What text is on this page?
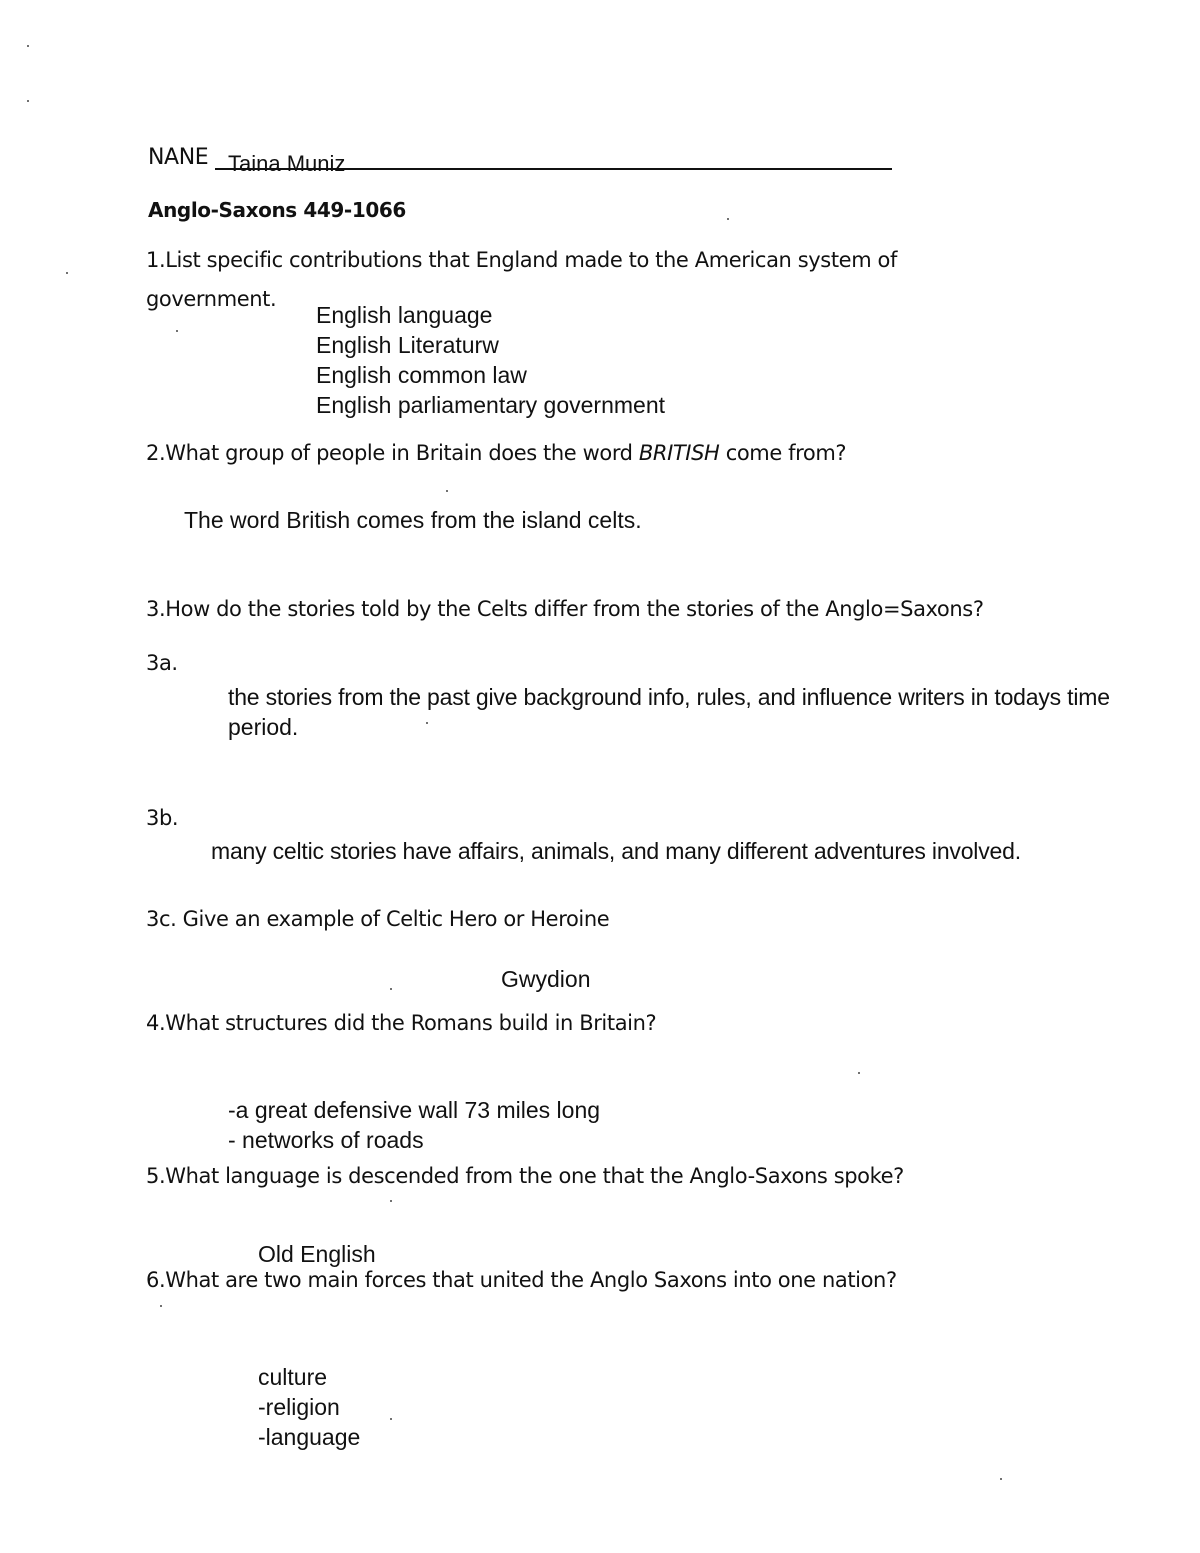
NANE Taina Muniz
Anglo-Saxons 449-1066
1.List specific contributions that England made to the American system of
government.
English language
English Literaturw
English common law
English parliamentary government
2.What group of people in Britain does the word BRITISH come from?
The word British comes from the island celts.
3.How do the stories told by the Celts differ from the stories of the Anglo=Saxons?
3a.
the stories from the past give background info, rules, and influence writers in todays time
period.
3b.
many celtic stories have affairs, animals, and many different adventures involved.
3c. Give an example of Celtic Hero or Heroine
Gwydion
4.What structures did the Romans build in Britain?
-a great defensive wall 73 miles long
- networks of roads
5.What language is descended from the one that the Anglo-Saxons spoke?
Old English
6.What are two main forces that united the Anglo Saxons into one nation?
culture
-religion
-language
